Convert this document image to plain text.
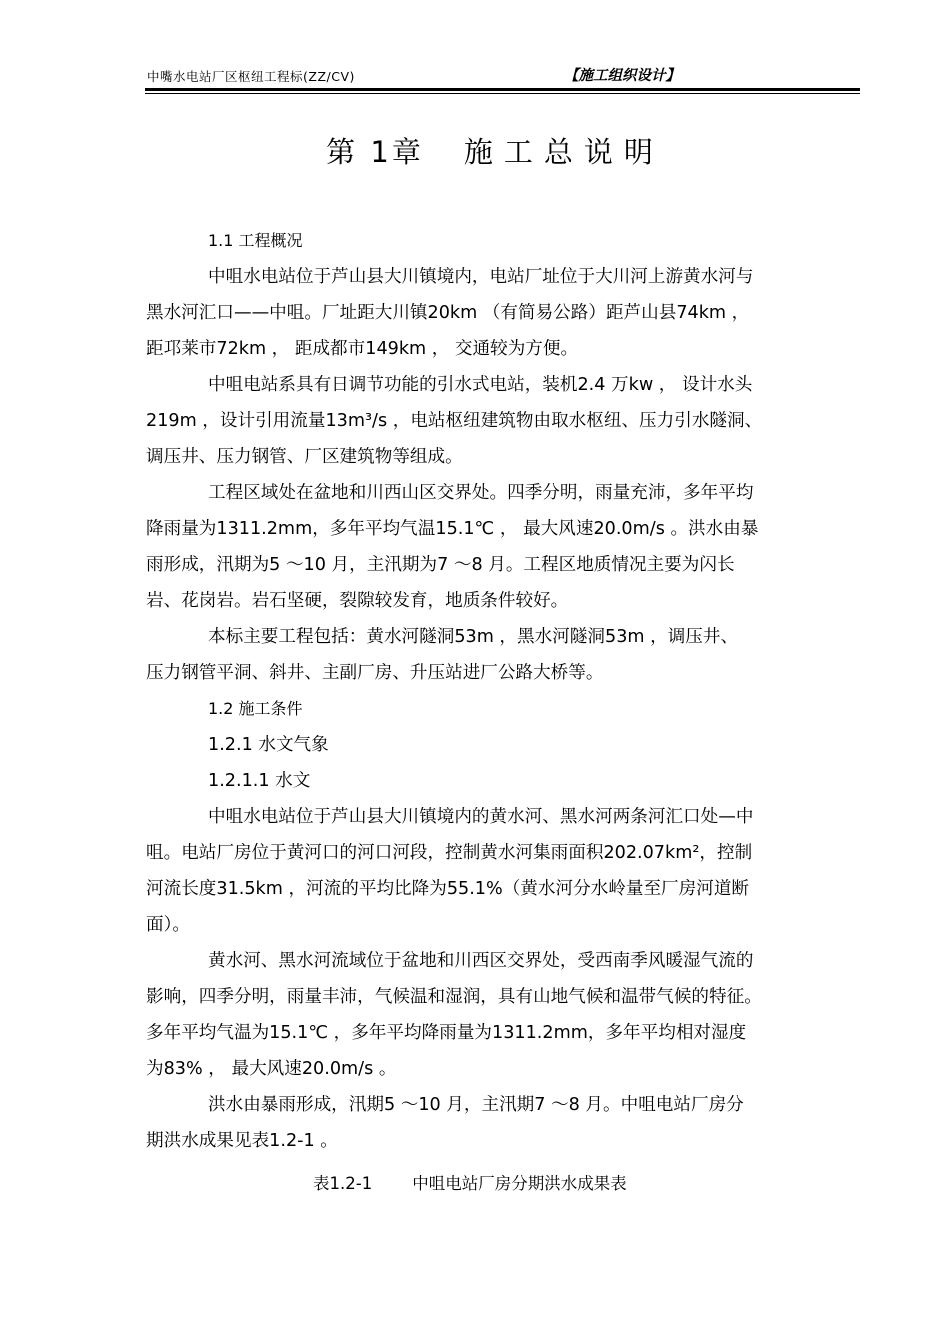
中嘴水电站厂区枢纽工程标(ZZ/CV)	【施工组织设计】
第 1章 施工总说明
1.1 工程概况
中咀水电站位于芦山县大川镇境内，电站厂址位于大川河上游黄水河与
黑水河汇口——中咀。厂址距大川镇20km （有简易公路）距芦山县74km ，
距邛莱市72km ， 距成都市149km ， 交通较为方便。
中咀电站系具有日调节功能的引水式电站，装机2.4 万kw ， 设计水头
219m ，设计引用流量13m³/s ，电站枢纽建筑物由取水枢纽、压力引水隧洞、
调压井、压力钢管、厂区建筑物等组成。
工程区域处在盆地和川西山区交界处。四季分明，雨量充沛，多年平均
降雨量为1311.2mm，多年平均气温15.1℃ ， 最大风速20.0m/s 。洪水由暴
雨形成，汛期为5 ～10 月，主汛期为7 ～8 月。工程区地质情况主要为闪长
岩、花岗岩。岩石坚硬，裂隙较发育，地质条件较好。
本标主要工程包括：黄水河隧洞53m ，黑水河隧洞53m ，调压井、
压力钢管平洞、斜井、主副厂房、升压站进厂公路大桥等。
1.2 施工条件
1.2.1 水文气象
1.2.1.1 水文
中咀水电站位于芦山县大川镇境内的黄水河、黑水河两条河汇口处—中
咀。电站厂房位于黄河口的河口河段，控制黄水河集雨面积202.07km²，控制
河流长度31.5km ，河流的平均比降为55.1%（黄水河分水岭量至厂房河道断
面）。
黄水河、黑水河流域位于盆地和川西区交界处，受西南季风暖湿气流的
影响，四季分明，雨量丰沛，气候温和湿润，具有山地气候和温带气候的特征。
多年平均气温为15.1℃ ，多年平均降雨量为1311.2mm，多年平均相对湿度
为83% ， 最大风速20.0m/s 。
洪水由暴雨形成，汛期5 ～10 月，主汛期7 ～8 月。中咀电站厂房分
期洪水成果见表1.2-1 。
表1.2-1 中咀电站厂房分期洪水成果表
